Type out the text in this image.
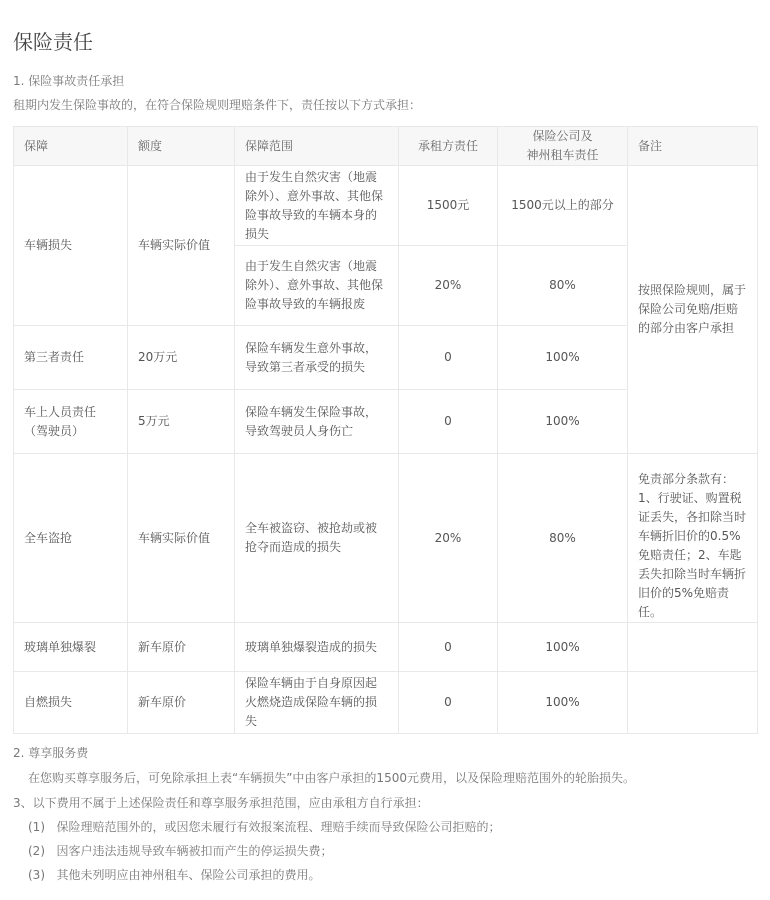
保险责任

1. 保险事故责任承担

租期内发生保险事故的，在符合保险规则理赔条件下，责任按以下方式承担：

保障	额度	保障范围	承租方责任	保险公司及
神州租车责任	备注
车辆损失	车辆实际价值	由于发生自然灾害（地震除外）、意外事故、其他保险事故导致的车辆本身的损失	1500元	1500元以上的部分	按照保险规则，属于保险公司免赔/拒赔的部分由客户承担
		由于发生自然灾害（地震除外）、意外事故、其他保险事故导致的车辆报废	20%	80%	
第三者责任	20万元	保险车辆发生意外事故，导致第三者承受的损失	0	100%	
车上人员责任（驾驶员）	5万元	保险车辆发生保险事故，导致驾驶员人身伤亡	0	100%	
全车盗抢	车辆实际价值	全车被盗窃、被抢劫或被抢夺而造成的损失	20%	80%	免责部分条款有：
1、行驶证、购置税证丢失，各扣除当时车辆折旧价的0.5%免赔责任；2、车匙丢失扣除当时车辆折旧价的5%免赔责任。
玻璃单独爆裂	新车原价	玻璃单独爆裂造成的损失	0	100%	
自燃损失	新车原价	保险车辆由于自身原因起火燃烧造成保险车辆的损失	0	100%	

2. 尊享服务费

在您购买尊享服务后，可免除承担上表“车辆损失”中由客户承担的1500元费用，以及保险理赔范围外的轮胎损失。

3、以下费用不属于上述保险责任和尊享服务承担范围，应由承租方自行承担：

(1)   保险理赔范围外的，或因您未履行有效报案流程、理赔手续而导致保险公司拒赔的；

(2)   因客户违法违规导致车辆被扣而产生的停运损失费；

(3)   其他未列明应由神州租车、保险公司承担的费用。
